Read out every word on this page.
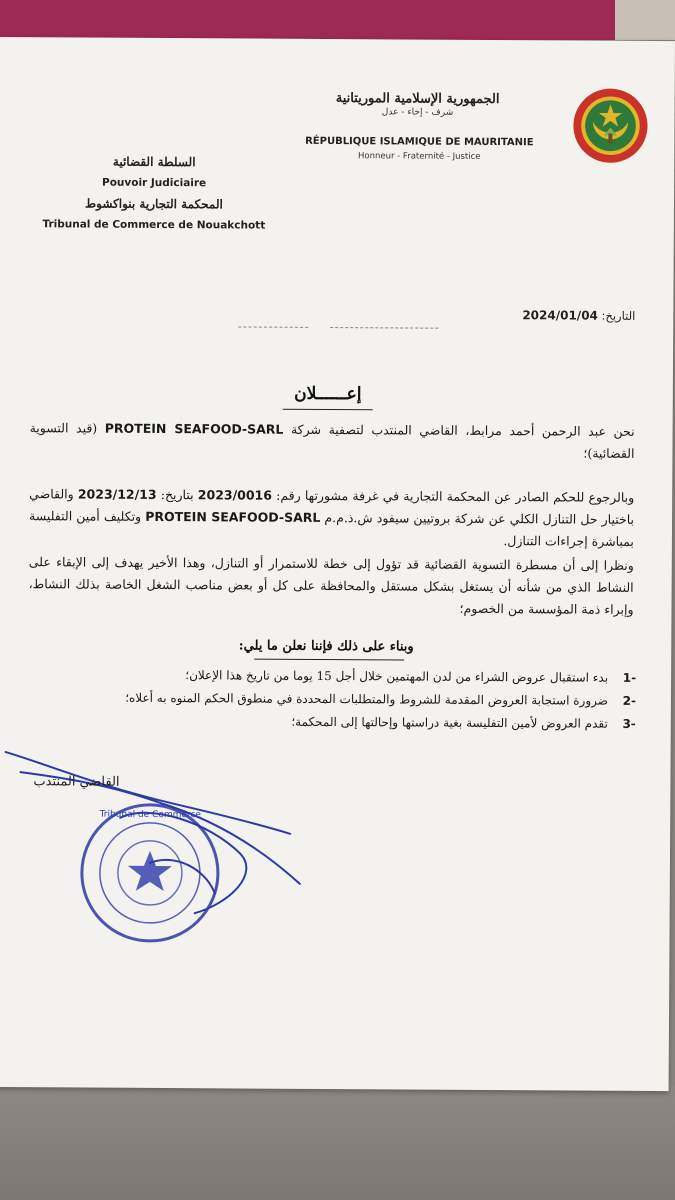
الجمهورية الإسلامية الموريتانية
شرف - إخاء - عدل
RÉPUBLIQUE ISLAMIQUE DE MAURITANIE
Honneur - Fraternité - Justice
السلطة القضائية
Pouvoir Judiciaire
المحكمة التجارية بنواكشوط
Tribunal de Commerce de Nouakchott
التاريخ: 2024/01/04
إعــــــلان
نحن عبد الرحمن أحمد مرابط، القاضي المنتدب لتصفية شركة PROTEIN SEAFOOD-SARL (قيد التسوية القضائية)؛
وبالرجوع للحكم الصادر عن المحكمة التجارية في غرفة مشورتها رقم: 2023/0016 بتاريخ: 2023/12/13 والقاضي باختيار حل التنازل الكلي عن شركة بروتيين سيفود ش.ذ.م.م PROTEIN SEAFOOD-SARL وتكليف أمين التفليسة بمباشرة إجراءات التنازل.
ونظرا إلى أن مسطرة التسوية القضائية قد تؤول إلى خطة للاستمرار أو التنازل، وهذا الأخير يهدف إلى الإبقاء على النشاط الذي من شأنه أن يستغل بشكل مستقل والمحافظة على كل أو بعض مناصب الشغل الخاصة بذلك النشاط، وإبراء ذمة المؤسسة من الخصوم؛
وبناء على ذلك فإننا نعلن ما يلي:
-1
بدء استقبال عروض الشراء من لدن المهتمين خلال أجل 15 يوما من تاريخ هذا الإعلان؛
-2
ضرورة استجابة العروض المقدمة للشروط والمتطلبات المحددة في منطوق الحكم المنوه به أعلاه؛
-3
تقدم العروض لأمين التفليسة بغية دراستها وإحالتها إلى المحكمة؛
Tribunal de Commerce
القاضي المنتدب
